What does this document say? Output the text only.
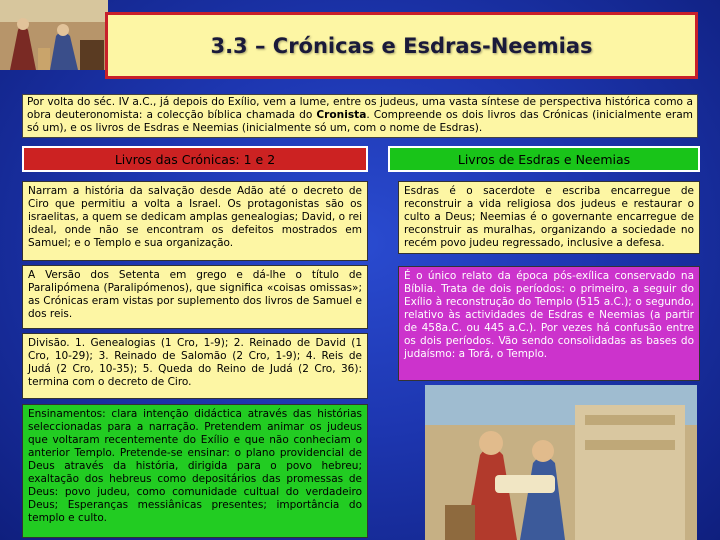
3.3 – Crónicas e Esdras-Neemias
Por volta do séc. IV a.C., já depois do Exílio, vem a lume, entre os judeus, uma vasta síntese de perspectiva histórica como a obra deuteronomista: a colecção bíblica chamada do Cronista. Compreende os dois livros das Crónicas (inicialmente eram só um), e os livros de Esdras e Neemias (inicialmente só um, com o nome de Esdras).
Livros das Crónicas: 1 e 2	Livros de Esdras e Neemias
Narram a história da salvação desde Adão até o decreto de Ciro que permitiu a volta a Israel. Os protagonistas são os israelitas, a quem se dedicam amplas genealogias; David, o rei ideal, onde não se encontram os defeitos mostrados em Samuel; e o Templo e sua organização.
A Versão dos Setenta em grego e dá-lhe o título de Paralipómena (Paralipómenos), que significa «coisas omissas»; as Crónicas eram vistas por suplemento dos livros de Samuel e dos reis.
Divisão. 1. Genealogias (1 Cro, 1-9); 2. Reinado de David (1 Cro, 10-29); 3. Reinado de Salomão (2 Cro, 1-9); 4. Reis de Judá (2 Cro, 10-35); 5. Queda do Reino de Judá (2 Cro, 36): termina com o decreto de Ciro.
Ensinamentos: clara intenção didáctica através das histórias seleccionadas para a narração. Pretendem animar os judeus que voltaram recentemente do Exílio e que não conheciam o anterior Templo. Pretende-se ensinar: o plano providencial de Deus através da história, dirigida para o povo hebreu; exaltação dos hebreus como depositários das promessas de Deus: povo judeu, como comunidade cultual do verdadeiro Deus; Esperanças messiânicas presentes; importância do templo e culto.
Esdras é o sacerdote e escriba encarregue de reconstruir a vida religiosa dos judeus e restaurar o culto a Deus; Neemias é o governante encarregue de reconstruir as muralhas, organizando a sociedade no recém povo judeu regressado, inclusive a defesa.
É o único relato da época pós-exílica conservado na Bíblia. Trata de dois períodos: o primeiro, a seguir do Exílio à reconstrução do Templo (515 a.C.); o segundo, relativo às actividades de Esdras e Neemias (a partir de 458a.C. ou 445 a.C.). Por vezes há confusão entre os dois períodos. Vão sendo consolidadas as bases do judaísmo: a Torá, o Templo.
